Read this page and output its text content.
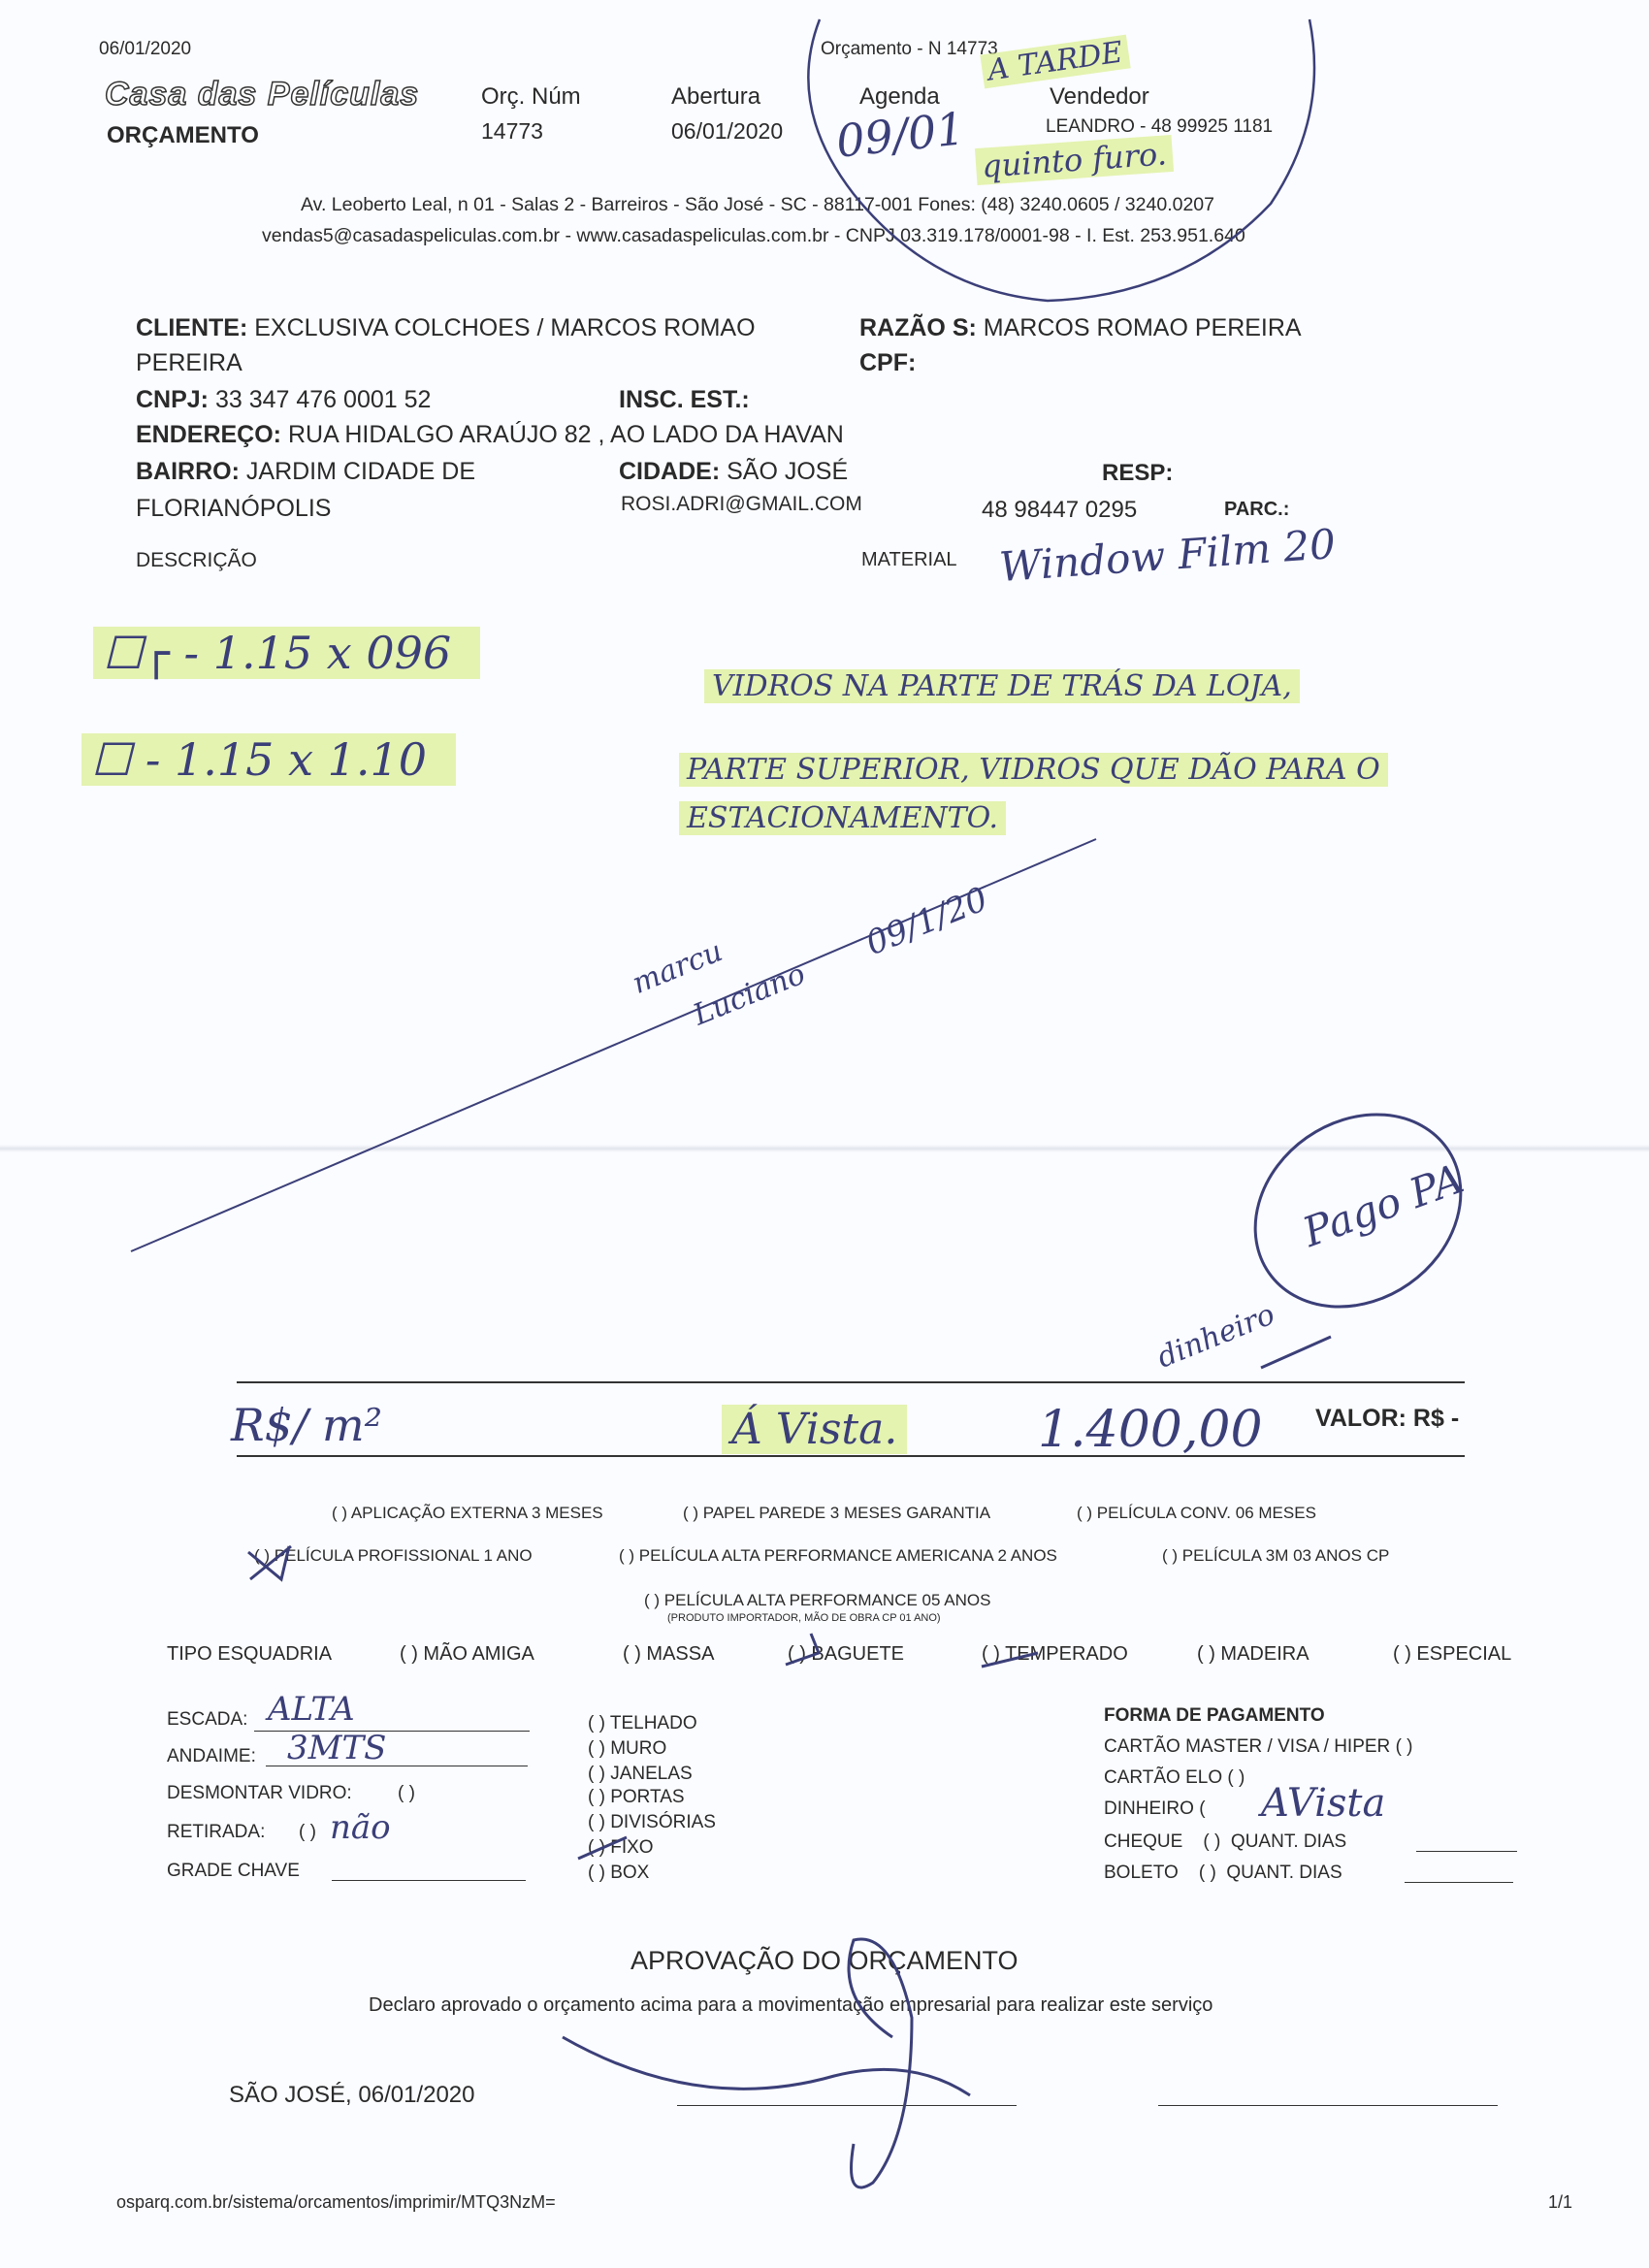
06/01/2020
Casa das Películas
ORÇAMENTO
Orç. Núm
14773
Abertura
06/01/2020
Agenda	Vendedor
LEANDRO - 48 99925 1181
Orçamento - N 14773
Av. Leoberto Leal, n 01 - Salas 2 - Barreiros - São José - SC - 88117-001 Fones: (48) 3240.0605 / 3240.0207
vendas5@casadaspeliculas.com.br - www.casadaspeliculas.com.br - CNPJ 03.319.178/0001-98 - I. Est. 253.951.640
CLIENTE: EXCLUSIVA COLCHOES / MARCOS ROMAO
PEREIRA
RAZÃO S: MARCOS ROMAO PEREIRA
CPF:
CNPJ: 33 347 476 0001 52	INSC. EST.:
ENDEREÇO: RUA HIDALGO ARAÚJO 82 , AO LADO DA HAVAN
BAIRRO: JARDIM CIDADE DE
FLORIANÓPOLIS
CIDADE: SÃO JOSÉ
ROSI.ADRI@GMAIL.COM
RESP:
48 98447 0295	PARC.:
DESCRIÇÃO	MATERIAL
A TARDE
09/01 quinto furo.
Window Film 20
☐┌ - 1.15 x 096
☐ - 1.15 x 1.10
VIDROS NA PARTE DE TRÁS DA LOJA,
PARTE SUPERIOR, VIDROS QUE DÃO PARA O
ESTACIONAMENTO.
marcu
Luciano
09/1/20
Pago PA
dinheiro
R$/ m²	Á Vista.	1.400,00 VALOR: R$ -
( ) APLICAÇÃO EXTERNA 3 MESES	( ) PAPEL PAREDE 3 MESES GARANTIA	( ) PELÍCULA CONV. 06 MESES
( ) PELÍCULA PROFISSIONAL 1 ANO	( ) PELÍCULA ALTA PERFORMANCE AMERICANA 2 ANOS	( ) PELÍCULA 3M 03 ANOS CP
( ) PELÍCULA ALTA PERFORMANCE 05 ANOS
(PRODUTO IMPORTADOR, MÃO DE OBRA CP 01 ANO)
TIPO ESQUADRIA	( ) MÃO AMIGA	( ) MASSA	( ) BAGUETE	( ) TEMPERADO	( ) MADEIRA	( ) ESPECIAL
ESCADA: ALTA
ANDAIME: 3MTS
DESMONTAR VIDRO: ( )
RETIRADA: ( ) não
GRADE CHAVE
( ) TELHADO
( ) MURO
( ) JANELAS
( ) PORTAS
( ) DIVISÓRIAS
( ) FIXO
( ) BOX
FORMA DE PAGAMENTO
CARTÃO MASTER / VISA / HIPER ( )
CARTÃO ELO ( )
DINHEIRO ( AVista
CHEQUE ( ) QUANT. DIAS
BOLETO ( ) QUANT. DIAS
APROVAÇÃO DO ORÇAMENTO
Declaro aprovado o orçamento acima para a movimentação empresarial para realizar este serviço
SÃO JOSÉ, 06/01/2020
osparq.com.br/sistema/orcamentos/imprimir/MTQ3NzM=	1/1
